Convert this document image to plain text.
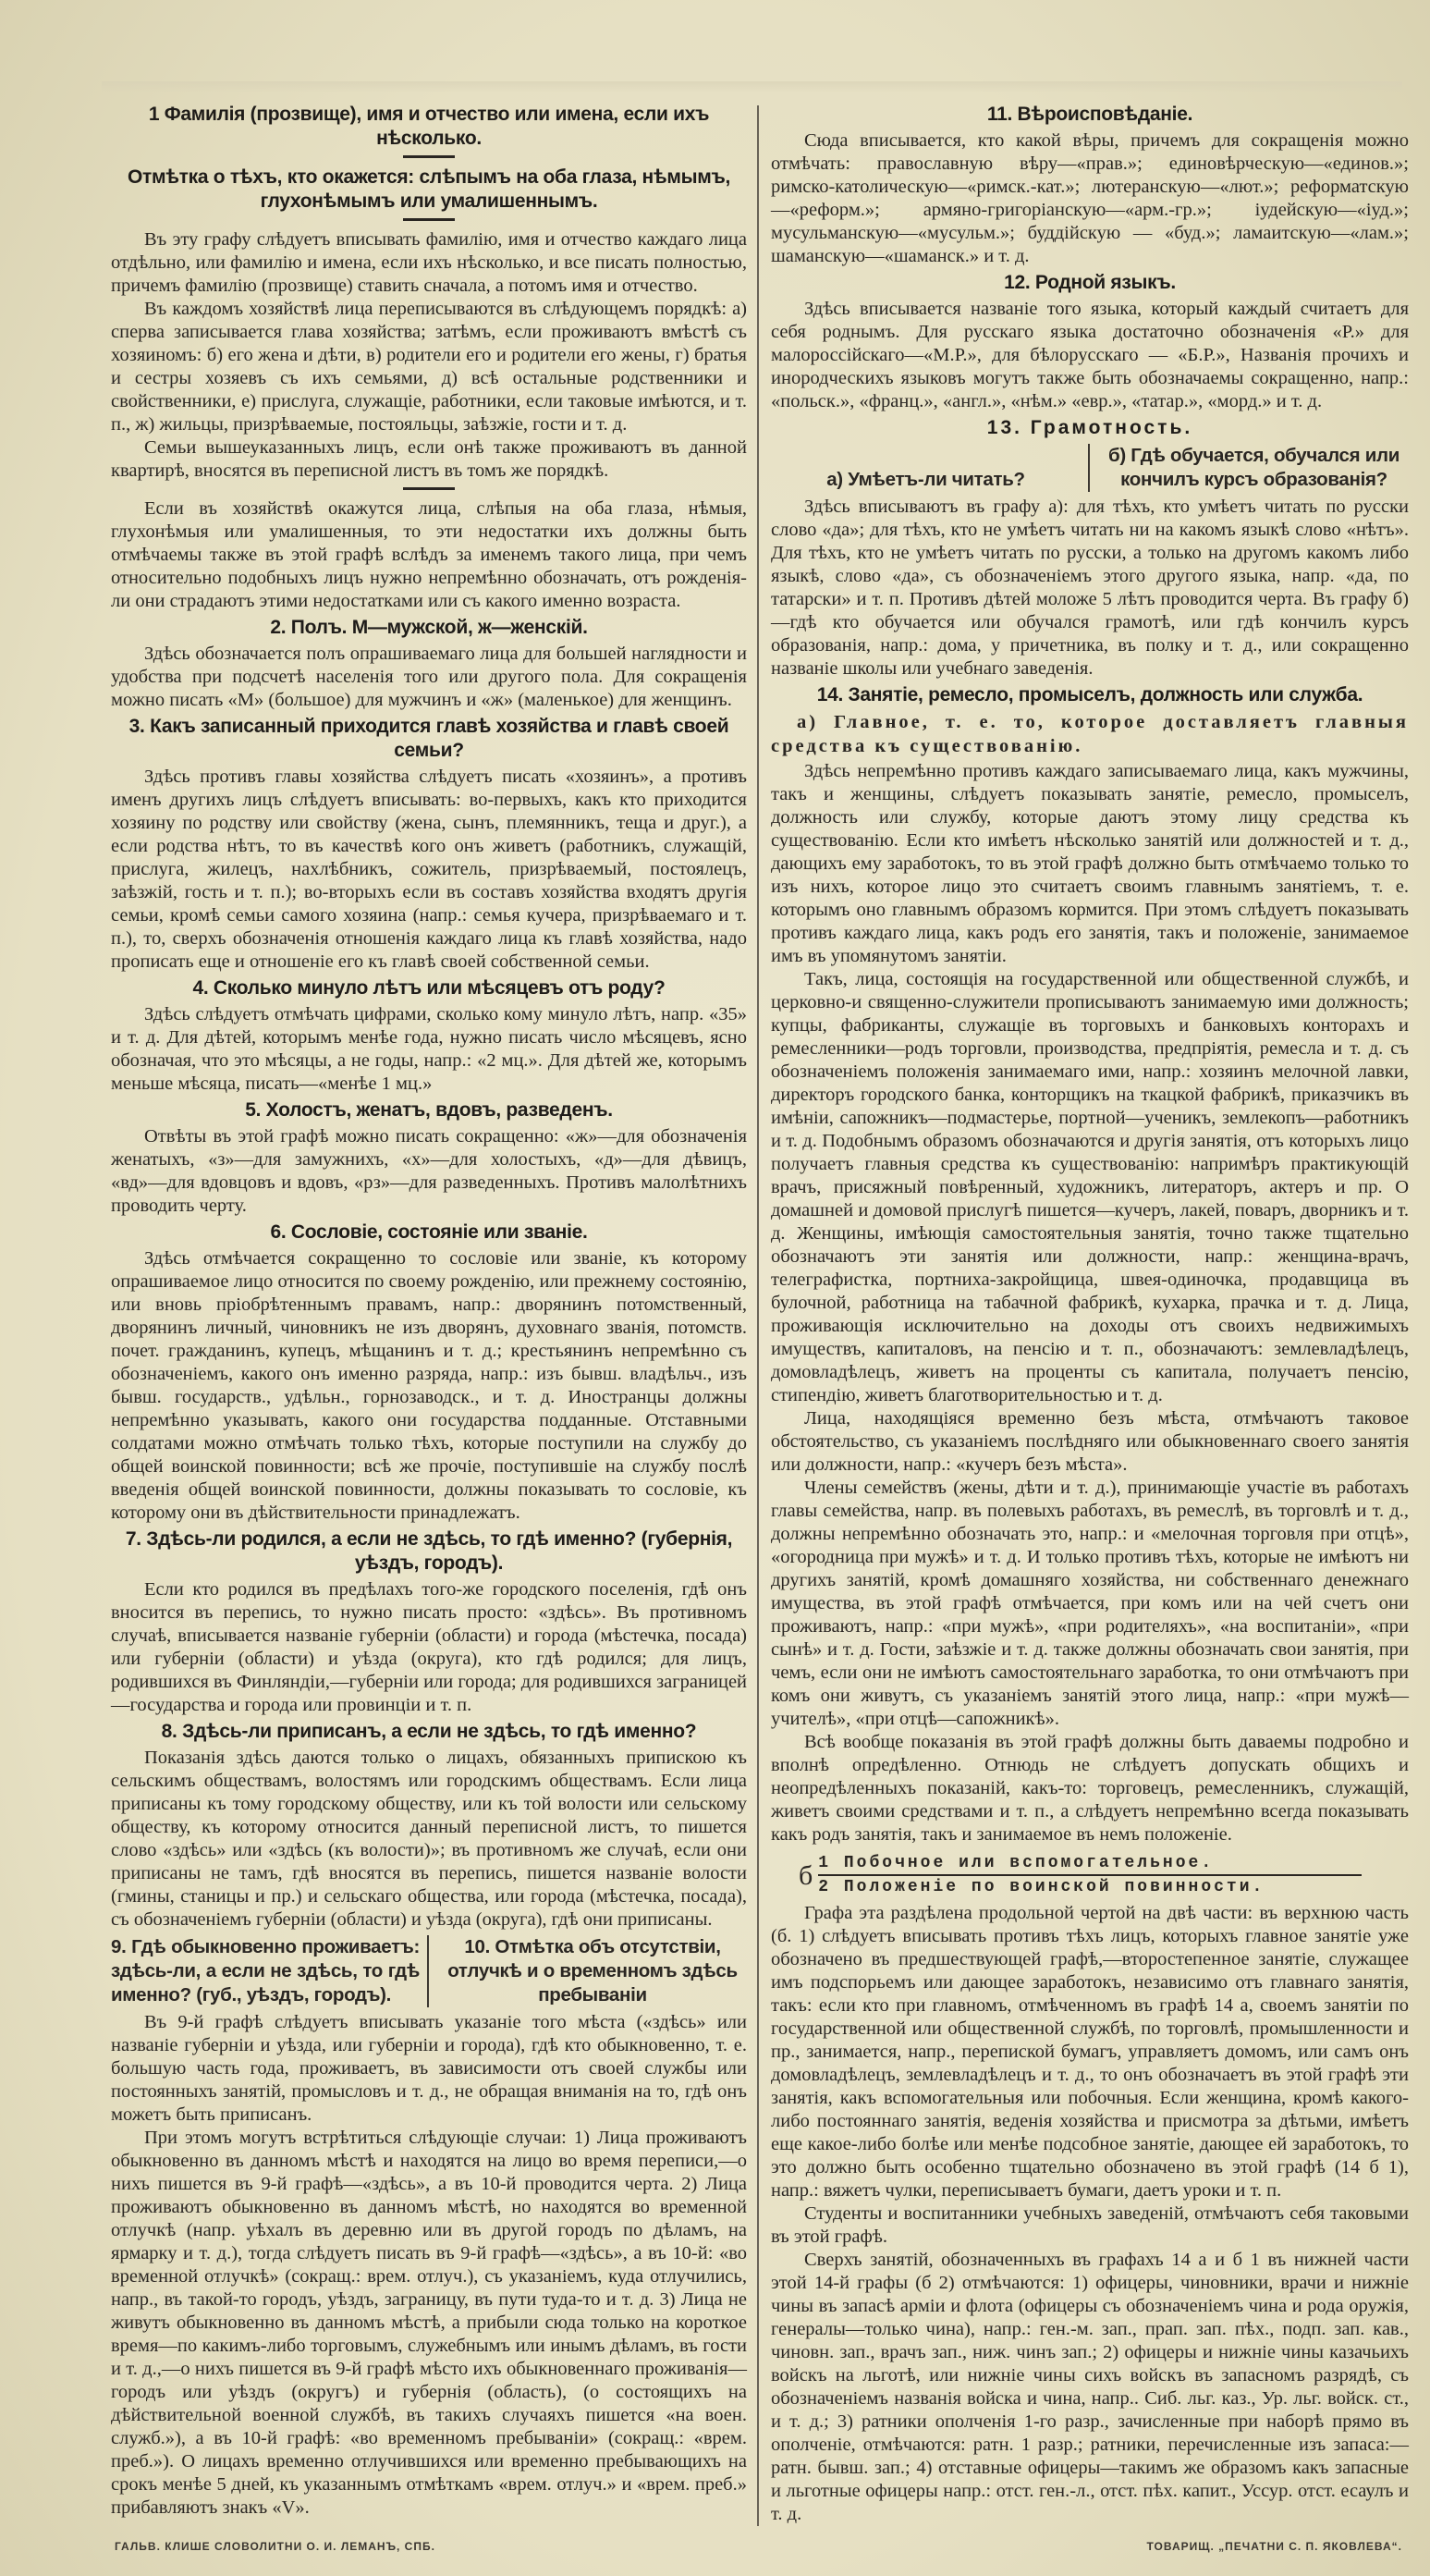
1 Фамилія (прозвище), имя и отчество или имена, если ихъ нѣсколько.
Отмѣтка о тѣхъ, кто окажется: слѣпымъ на оба глаза, нѣмымъ, глухонѣмымъ или умалишеннымъ.

Въ эту графу слѣдуетъ вписывать фамилію, имя и отчество каждаго лица отдѣльно, или фамилію и имена, если ихъ нѣсколько, и все писать полностью, причемъ фамилію (прозвище) ставить сначала, а потомъ имя и отчество.

Въ каждомъ хозяйствѣ лица переписываются въ слѣдующемъ порядкѣ: а) сперва записывается глава хозяйства; затѣмъ, если проживаютъ вмѣстѣ съ хозяиномъ: б) его жена и дѣти, в) родители его и родители его жены, г) братья и сестры хозяевъ съ ихъ семьями, д) всѣ остальные родственники и свойственники, е) прислуга, служащіе, работники, если таковые имѣются, и т. п., ж) жильцы, призрѣваемые, постояльцы, заѣзжіе, гости и т. д.

Семьи вышеуказанныхъ лицъ, если онѣ также проживаютъ въ данной квартирѣ, вносятся въ переписной листъ въ томъ же порядкѣ.

Если въ хозяйствѣ окажутся лица, слѣпыя на оба глаза, нѣмыя, глухонѣмыя или умалишенныя, то эти недостатки ихъ должны быть отмѣчаемы также въ этой графѣ вслѣдъ за именемъ такого лица, при чемъ относительно подобныхъ лицъ нужно непремѣнно обозначать, отъ рожденія-ли они страдаютъ этими недостатками или съ какого именно возраста.

2. Полъ. М—мужской, ж—женскій.

Здѣсь обозначается полъ опрашиваемаго лица для большей наглядности и удобства при подсчетѣ населенія того или другого пола. Для сокращенія можно писать «М» (большое) для мужчинъ и «ж» (маленькое) для женщинъ.

3. Какъ записанный приходится главѣ хозяйства и главѣ своей семьи?

Здѣсь противъ главы хозяйства слѣдуетъ писать «хозяинъ», а противъ именъ другихъ лицъ слѣдуетъ вписывать: во-первыхъ, какъ кто приходится хозяину по родству или свойству (жена, сынъ, племянникъ, теща и друг.), а если родства нѣтъ, то въ качествѣ кого онъ живетъ (работникъ, служащій, прислуга, жилецъ, нахлѣбникъ, сожитель, призрѣваемый, постоялецъ, заѣзжій, гость и т. п.); во-вторыхъ если въ составъ хозяйства входятъ другія семьи, кромѣ семьи самого хозяина (напр.: семья кучера, призрѣваемаго и т. п.), то, сверхъ обозначенія отношенія каждаго лица къ главѣ хозяйства, надо прописать еще и отношеніе его къ главѣ своей собственной семьи.

4. Сколько минуло лѣтъ или мѣсяцевъ отъ роду?

Здѣсь слѣдуетъ отмѣчать цифрами, сколько кому минуло лѣтъ, напр. «35» и т. д. Для дѣтей, которымъ менѣе года, нужно писать число мѣсяцевъ, ясно обозначая, что это мѣсяцы, а не годы, напр.: «2 мц.». Для дѣтей же, которымъ меньше мѣсяца, писать—«менѣе 1 мц.»

5. Холостъ, женатъ, вдовъ, разведенъ.

Отвѣты въ этой графѣ можно писать сокращенно: «ж»—для обозначенія женатыхъ, «з»—для замужнихъ, «х»—для холостыхъ, «д»—для дѣвицъ, «вд»—для вдовцовъ и вдовъ, «рз»—для разведенныхъ. Противъ малолѣтнихъ проводить черту.

6. Сословіе, состояніе или званіе.

Здѣсь отмѣчается сокращенно то сословіе или званіе, къ которому опрашиваемое лицо относится по своему рожденію, или прежнему состоянію, или вновь пріобрѣтеннымъ правамъ, напр.: дворянинъ потомственный, дворянинъ личный, чиновникъ не изъ дворянъ, духовнаго званія, потомств. почет. гражданинъ, купецъ, мѣщанинъ и т. д.; крестьянинъ непремѣнно съ обозначеніемъ, какого онъ именно разряда, напр.: изъ бывш. владѣльч., изъ бывш. государств., удѣльн., горнозаводск., и т. д. Иностранцы должны непремѣнно указывать, какого они государства подданные. Отставными солдатами можно отмѣчать только тѣхъ, которые поступили на службу до общей воинской повинности; всѣ же прочіе, поступившіе на службу послѣ введенія общей воинской повинности, должны показывать то сословіе, къ которому они въ дѣйствительности принадлежатъ.

7. Здѣсь-ли родился, а если не здѣсь, то гдѣ именно? (губернія, уѣздъ, городъ).

Если кто родился въ предѣлахъ того-же городского поселенія, гдѣ онъ вносится въ перепись, то нужно писать просто: «здѣсь». Въ противномъ случаѣ, вписывается названіе губерніи (области) и города (мѣстечка, посада) или губерніи (области) и уѣзда (округа), кто гдѣ родился; для лицъ, родившихся въ Финляндіи,—губерніи или города; для родившихся заграницей—государства и города или провинціи и т. п.

8. Здѣсь-ли приписанъ, а если не здѣсь, то гдѣ именно?

Показанія здѣсь даются только о лицахъ, обязанныхъ припискою къ сельскимъ обществамъ, волостямъ или городскимъ обществамъ. Если лица приписаны къ тому городскому обществу, или къ той волости или сельскому обществу, къ которому относится данный переписной листъ, то пишется слово «здѣсь» или «здѣсь (къ волости)»; въ противномъ же случаѣ, если они приписаны не тамъ, гдѣ вносятся въ перепись, пишется названіе волости (гмины, станицы и пр.) и сельскаго общества, или города (мѣстечка, посада), съ обозначеніемъ губерніи (области) и уѣзда (округа), гдѣ они приписаны.

9. Гдѣ обыкновенно проживаетъ: здѣсь-ли, а если не здѣсь, то гдѣ именно? (губ., уѣздъ, городъ).
10. Отмѣтка объ отсутствіи, отлучкѣ и о временномъ здѣсь пребываніи

Въ 9-й графѣ слѣдуетъ вписывать указаніе того мѣста («здѣсь» или названіе губерніи и уѣзда, или губерніи и города), гдѣ кто обыкновенно, т. е. большую часть года, проживаетъ, въ зависимости отъ своей службы или постоянныхъ занятій, промысловъ и т. д., не обращая вниманія на то, гдѣ онъ можетъ быть приписанъ.

При этомъ могутъ встрѣтиться слѣдующіе случаи: 1) Лица проживаютъ обыкновенно въ данномъ мѣстѣ и находятся на лицо во время переписи,—о нихъ пишется въ 9-й графѣ—«здѣсь», а въ 10-й проводится черта. 2) Лица проживаютъ обыкновенно въ данномъ мѣстѣ, но находятся во временной отлучкѣ (напр. уѣхалъ въ деревню или въ другой городъ по дѣламъ, на ярмарку и т. д.), тогда слѣдуетъ писать въ 9-й графѣ—«здѣсь», а въ 10-й: «во временной отлучкѣ» (сокращ.: врем. отлуч.), съ указаніемъ, куда отлучились, напр., въ такой-то городъ, уѣздъ, заграницу, въ пути туда-то и т. д. 3) Лица не живутъ обыкновенно въ данномъ мѣстѣ, а прибыли сюда только на короткое время—по какимъ-либо торговымъ, служебнымъ или инымъ дѣламъ, въ гости и т. д.,—о нихъ пишется въ 9-й графѣ мѣсто ихъ обыкновеннаго проживанія—городъ или уѣздъ (округъ) и губернія (область), (о состоящихъ на дѣйствительной военной службѣ, въ такихъ случаяхъ пишется «на воен. служб.»), а въ 10-й графѣ: «во временномъ пребываніи» (сокращ.: «врем. преб.»). О лицахъ временно отлучившихся или временно пребывающихъ на срокъ менѣе 5 дней, къ указаннымъ отмѣткамъ «врем. отлуч.» и «врем. преб.» прибавляютъ знакъ «V».

11. Вѣроисповѣданіе.

Сюда вписывается, кто какой вѣры, причемъ для сокращенія можно отмѣчать: православную вѣру—«прав.»; единовѣрческую—«единов.»; римско-католическую—«римск.-кат.»; лютеранскую—«лют.»; реформатскую—«реформ.»; армяно-григоріанскую—«арм.-гр.»; іудейскую—«іуд.»; мусульманскую—«мусульм.»; буддійскую — «буд.»; ламаитскую—«лам.»; шаманскую—«шаманск.» и т. д.

12. Родной языкъ.

Здѣсь вписывается названіе того языка, который каждый считаетъ для себя роднымъ. Для русскаго языка достаточно обозначенія «Р.» для малороссійскаго—«М.Р.», для бѣлорусскаго — «Б.Р.», Названія прочихъ и инородческихъ языковъ могутъ также быть обозначаемы сокращенно, напр.: «польск.», «франц.», «англ.», «нѣм.» «евр.», «татар.», «морд.» и т. д.

13. Грамотность.
а) Умѣетъ-ли читать?
б) Гдѣ обучается, обучался или кончилъ курсъ образованія?

Здѣсь вписываютъ въ графу а): для тѣхъ, кто умѣетъ читать по русски слово «да»; для тѣхъ, кто не умѣетъ читать ни на какомъ языкѣ слово «нѣтъ». Для тѣхъ, кто не умѣетъ читать по русски, а только на другомъ какомъ либо языкѣ, слово «да», съ обозначеніемъ этого другого языка, напр. «да, по татарски» и т. п. Противъ дѣтей моложе 5 лѣтъ проводится черта. Въ графу б)—гдѣ кто обучается или обучался грамотѣ, или гдѣ кончилъ курсъ образованія, напр.: дома, у причетника, въ полку и т. д., или сокращенно названіе школы или учебнаго заведенія.

14. Занятіе, ремесло, промыселъ, должность или служба.
а) Главное, т. е. то, которое доставляетъ главныя средства къ существованію.

Здѣсь непремѣнно противъ каждаго записываемаго лица, какъ мужчины, такъ и женщины, слѣдуетъ показывать занятіе, ремесло, промыселъ, должность или службу, которые даютъ этому лицу средства къ существованію. Если кто имѣетъ нѣсколько занятій или должностей и т. д., дающихъ ему заработокъ, то въ этой графѣ должно быть отмѣчаемо только то изъ нихъ, которое лицо это считаетъ своимъ главнымъ занятіемъ, т. е. которымъ оно главнымъ образомъ кормится. При этомъ слѣдуетъ показывать противъ каждаго лица, какъ родъ его занятія, такъ и положеніе, занимаемое имъ въ упомянутомъ занятіи.

Такъ, лица, состоящія на государственной или общественной службѣ, и церковно-и священно-служители прописываютъ занимаемую ими должность; купцы, фабриканты, служащіе въ торговыхъ и банковыхъ конторахъ и ремесленники—родъ торговли, производства, предпріятія, ремесла и т. д. съ обозначеніемъ положенія занимаемаго ими, напр.: хозяинъ мелочной лавки, директоръ городского банка, конторщикъ на ткацкой фабрикѣ, приказчикъ въ имѣніи, сапожникъ—подмастерье, портной—ученикъ, землекопъ—работникъ и т. д. Подобнымъ образомъ обозначаются и другія занятія, отъ которыхъ лицо получаетъ главныя средства къ существованію: напримѣръ практикующій врачъ, присяжный повѣренный, художникъ, литераторъ, актеръ и пр. О домашней и домовой прислугѣ пишется—кучеръ, лакей, поваръ, дворникъ и т. д. Женщины, имѣющія самостоятельныя занятія, точно также тщательно обозначаютъ эти занятія или должности, напр.: женщина-врачъ, телеграфистка, портниха-закройщица, швея-одиночка, продавщица въ булочной, работница на табачной фабрикѣ, кухарка, прачка и т. д. Лица, проживающія исключительно на доходы отъ своихъ недвижимыхъ имуществъ, капиталовъ, на пенсію и т. п., обозначаютъ: землевладѣлецъ, домовладѣлецъ, живетъ на проценты съ капитала, получаетъ пенсію, стипендію, живетъ благотворительностью и т. д.

Лица, находящіяся временно безъ мѣста, отмѣчаютъ таковое обстоятельство, съ указаніемъ послѣдняго или обыкновеннаго своего занятія или должности, напр.: «кучеръ безъ мѣста».

Члены семействъ (жены, дѣти и т. д.), принимающіе участіе въ работахъ главы семейства, напр. въ полевыхъ работахъ, въ ремеслѣ, въ торговлѣ и т. д., должны непремѣнно обозначать это, напр.: и «мелочная торговля при отцѣ», «огородница при мужѣ» и т. д. И только противъ тѣхъ, которые не имѣютъ ни другихъ занятій, кромѣ домашняго хозяйства, ни собственнаго денежнаго имущества, въ этой графѣ отмѣчается, при комъ или на чей счетъ они проживаютъ, напр.: «при мужѣ», «при родителяхъ», «на воспитаніи», «при сынѣ» и т. д. Гости, заѣзжіе и т. д. также должны обозначать свои занятія, при чемъ, если они не имѣютъ самостоятельнаго заработка, то они отмѣчаютъ при комъ они живутъ, съ указаніемъ занятій этого лица, напр.: «при мужѣ—учителѣ», «при отцѣ—сапожникѣ».

Всѣ вообще показанія въ этой графѣ должны быть даваемы подробно и вполнѣ опредѣленно. Отнюдь не слѣдуетъ допускать общихъ и неопредѣленныхъ показаній, какъ-то: торговецъ, ремесленникъ, служащій, живетъ своими средствами и т. п., а слѣдуетъ непремѣнно всегда показывать какъ родъ занятія, такъ и занимаемое въ немъ положеніе.

б 1 Побочное или вспомогательное.
2 Положеніе по воинской повинности.

Графа эта раздѣлена продольной чертой на двѣ части: въ верхнюю часть (б. 1) слѣдуетъ вписывать противъ тѣхъ лицъ, которыхъ главное занятіе уже обозначено въ предшествующей графѣ,—второстепенное занятіе, служащее имъ подспорьемъ или дающее заработокъ, независимо отъ главнаго занятія, такъ: если кто при главномъ, отмѣченномъ въ графѣ 14 а, своемъ занятіи по государственной или общественной службѣ, по торговлѣ, промышленности и пр., занимается, напр., перепиской бумагъ, управляетъ домомъ, или самъ онъ домовладѣлецъ, землевладѣлецъ и т. д., то онъ обозначаетъ въ этой графѣ эти занятія, какъ вспомогательныя или побочныя. Если женщина, кромѣ какого-либо постояннаго занятія, веденія хозяйства и присмотра за дѣтьми, имѣетъ еще какое-либо болѣе или менѣе подсобное занятіе, дающее ей заработокъ, то это должно быть особенно тщательно обозначено въ этой графѣ (14 б 1), напр.: вяжетъ чулки, переписываетъ бумаги, даетъ уроки и т. п.

Студенты и воспитанники учебныхъ заведеній, отмѣчаютъ себя таковыми въ этой графѣ.

Сверхъ занятій, обозначенныхъ въ графахъ 14 а и б 1 въ нижней части этой 14-й графы (б 2) отмѣчаются: 1) офицеры, чиновники, врачи и нижніе чины въ запасѣ арміи и флота (офицеры съ обозначеніемъ чина и рода оружія, генералы—только чина), напр.: ген.-м. зап., прап. зап. пѣх., подп. зап. кав., чиновн. зап., врачъ зап., ниж. чинъ зап.; 2) офицеры и нижніе чины казачьихъ войскъ на льготѣ, или нижніе чины сихъ войскъ въ запасномъ разрядѣ, съ обозначеніемъ названія войска и чина, напр.. Сиб. льг. каз., Ур. льг. войск. ст., и т. д.; 3) ратники ополченія 1-го разр., зачисленные при наборѣ прямо въ ополченіе, отмѣчаются: ратн. 1 разр.; ратники, перечисленные изъ запаса:—ратн. бывш. зап.; 4) отставные офицеры—такимъ же образомъ какъ запасные и льготные офицеры напр.: отст. ген.-л., отст. пѣх. капит., Уссур. отст. есаулъ и т. д.

ГАЛЬВ. КЛИШЕ СЛОВОЛИТНИ О. И. ЛЕМАНЪ, СПБ.	ТОВАРИЩ. „ПЕЧАТНИ С. П. ЯКОВЛЕВА“.
